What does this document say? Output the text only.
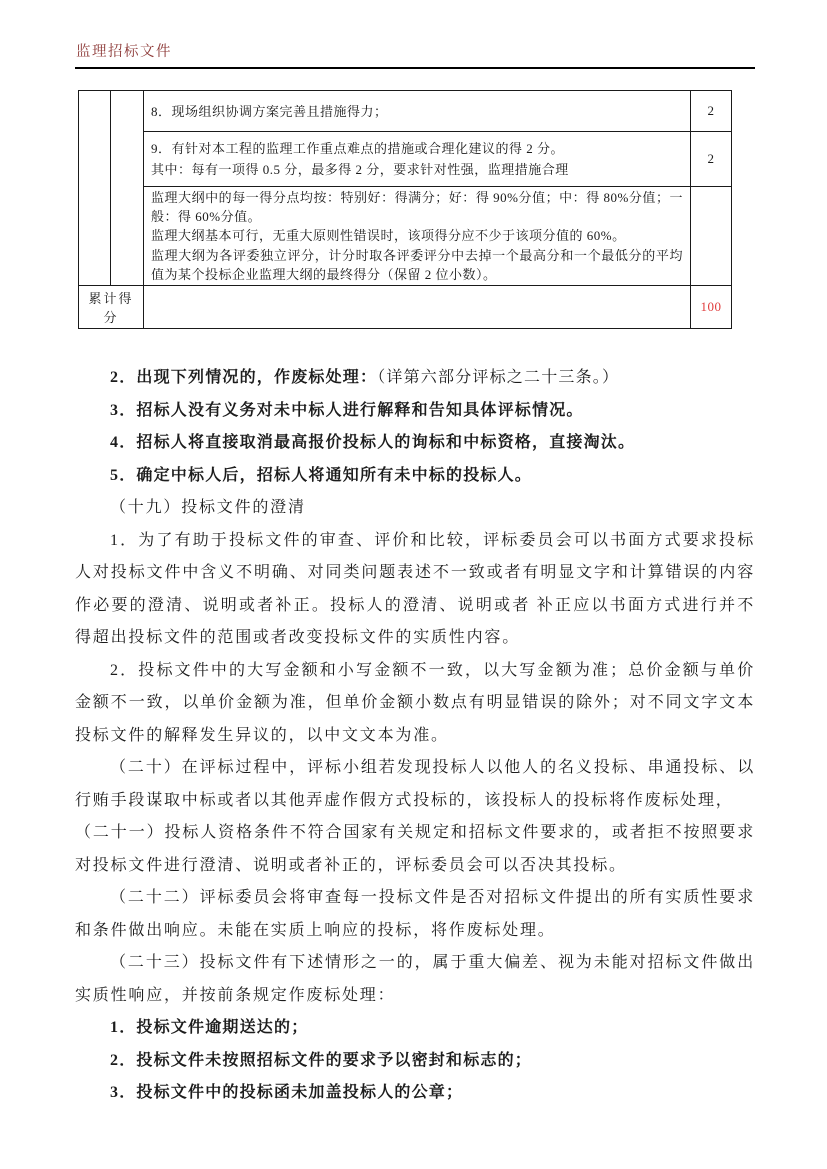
监理招标文件

		8．现场组织协调方案完善且措施得力；	2

		9．有针对本工程的监理工作重点难点的措施或合理化建议的得 2 分。
其中：每有一项得 0.5 分，最多得 2 分，要求针对性强，监理措施合理	2

		监理大纲中的每一得分点均按：特别好：得满分；好：得 90%分值；中：得 80%分值；一般：得 60%分值。
监理大纲基本可行，无重大原则性错误时，该项得分应不少于该项分值的 60%。
监理大纲为各评委独立评分，计分时取各评委评分中去掉一个最高分和一个最低分的平均值为某个投标企业监理大纲的最终得分（保留 2 位小数）。	

累计得分			100

2．出现下列情况的，作废标处理：（详第六部分评标之二十三条。）

3．招标人没有义务对未中标人进行解释和告知具体评标情况。

4．招标人将直接取消最高报价投标人的询标和中标资格，直接淘汰。

5．确定中标人后，招标人将通知所有未中标的投标人。

（十九）投标文件的澄清

1．为了有助于投标文件的审查、评价和比较，评标委员会可以书面方式要求投标人对投标文件中含义不明确、对同类问题表述不一致或者有明显文字和计算错误的内容作必要的澄清、说明或者补正。投标人的澄清、说明或者 补正应以书面方式进行并不得超出投标文件的范围或者改变投标文件的实质性内容。

2．投标文件中的大写金额和小写金额不一致，以大写金额为准；总价金额与单价金额不一致，以单价金额为准，但单价金额小数点有明显错误的除外；对不同文字文本投标文件的解释发生异议的，以中文文本为准。

（二十）在评标过程中，评标小组若发现投标人以他人的名义投标、串通投标、以行贿手段谋取中标或者以其他弄虚作假方式投标的，该投标人的投标将作废标处理，

（二十一）投标人资格条件不符合国家有关规定和招标文件要求的，或者拒不按照要求对投标文件进行澄清、说明或者补正的，评标委员会可以否决其投标。

（二十二）评标委员会将审查每一投标文件是否对招标文件提出的所有实质性要求和条件做出响应。未能在实质上响应的投标，将作废标处理。

（二十三）投标文件有下述情形之一的，属于重大偏差、视为未能对招标文件做出实质性响应，并按前条规定作废标处理：

1．投标文件逾期送达的；

2．投标文件未按照招标文件的要求予以密封和标志的；

3．投标文件中的投标函未加盖投标人的公章；
